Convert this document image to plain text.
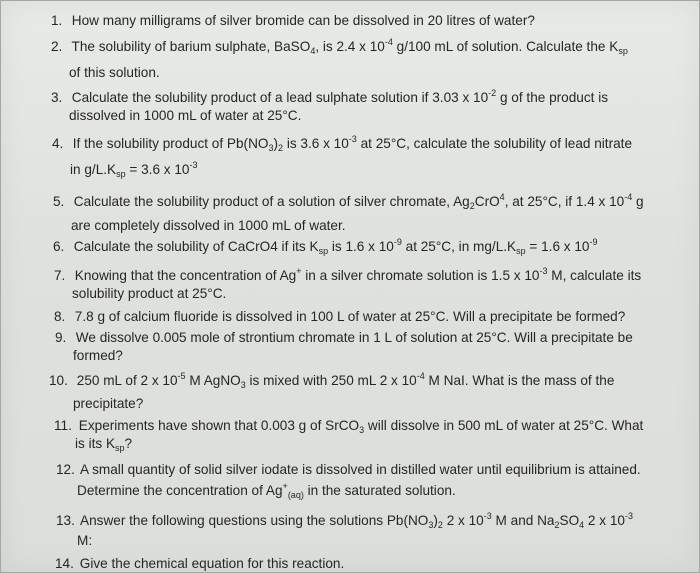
1. How many milligrams of silver bromide can be dissolved in 20 litres of water?
2. The solubility of barium sulphate, BaSO$_4$, is 2.4 x $10^{-4}$ g/100 mL of solution. Calculate the $K_{sp}$
of this solution.
3. Calculate the solubility product of a lead sulphate solution if 3.03 x $10^{-2}$ g of the product is
dissolved in 1000 mL of water at 25°C.
4. If the solubility product of $Pb(NO_3)_2$ is 3.6 x $10^{-3}$ at 25°C, calculate the solubility of lead nitrate
in $g/L.K_{sp} = 3.6$ x $10^{-3}$
5. Calculate the solubility product of a solution of silver chromate, $Ag_2CrO^4$, at 25°C, if 1.4 x $10^{-4}$ g
are completely dissolved in 1000 mL of water.
6. Calculate the solubility of CaCrO4 if its $K_{sp}$ is 1.6 x $10^{-9}$ at 25°C, in $mg/L.K_{sp} = 1.6$ x $10^{-9}$
7. Knowing that the concentration of Ag+ in a silver chromate solution is 1.5 x $10^{-3}$ M, calculate its
solubility product at 25°C.
8. 7.8 g of calcium fluoride is dissolved in 100 L of water at 25°C. Will a precipitate be formed?
9. We dissolve 0.005 mole of strontium chromate in 1 L of solution at 25°C. Will a precipitate be
formed?
10. 250 mL of 2 x $10^{-5}$ M AgNO$_3$ is mixed with 250 mL 2 x $10^{-4}$ M NaI. What is the mass of the
precipitate?
11. Experiments have shown that 0.003 g of SrCO$_3$ will dissolve in 500 mL of water at 25°C. What
is its $K_{sp}$?
12. A small quantity of solid silver iodate is dissolved in distilled water until equilibrium is attained.
Determine the concentration of $Ag^+_{(aq)}$ in the saturated solution.
13. Answer the following questions using the solutions $Pb(NO_3)_2$ 2 x $10^{-3}$ M and $Na_2SO_4$ 2 x $10^{-3}$
M:
14. Give the chemical equation for this reaction.
